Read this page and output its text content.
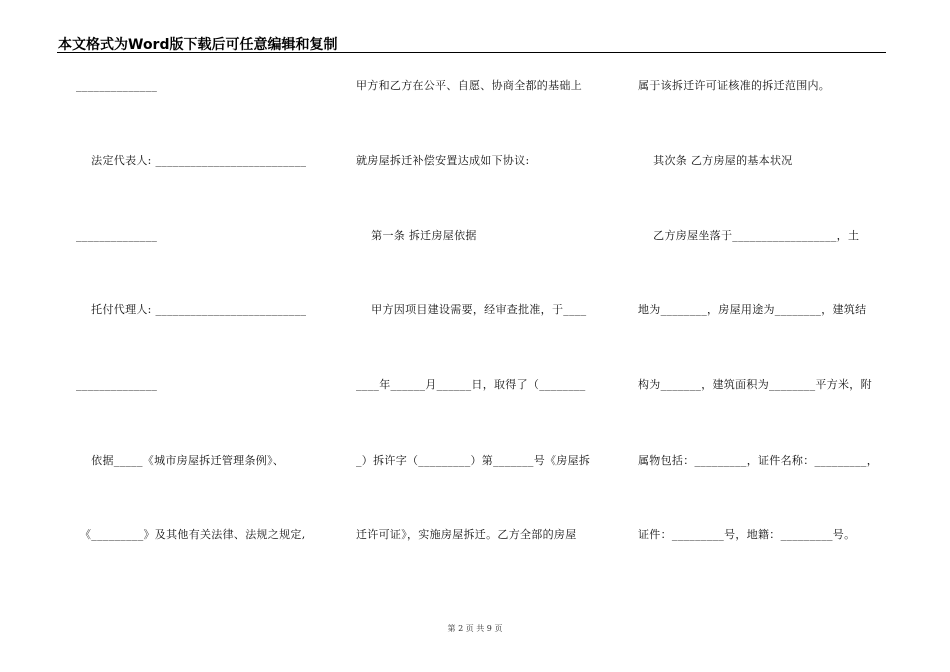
本文格式为Word版下载后可任意编辑和复制
______________
法定代表人: __________________________
______________
托付代理人: __________________________
______________
依据_____《城市房屋拆迁管理条例》、
《_________》及其他有关法律、法规之规定,
甲方和乙方在公平、自愿、协商全都的基础上
就房屋拆迁补偿安置达成如下协议:
第一条 拆迁房屋依据
甲方因项目建设需要，经审查批准，于____
____年______月______日，取得了（________
_）拆许字（_________）第_______号《房屋拆
迁许可证》，实施房屋拆迁。乙方全部的房屋
属于该拆迁许可证核准的拆迁范围内。
其次条 乙方房屋的基本状况
乙方房屋坐落于__________________，土
地为________，房屋用途为________，建筑结
构为_______，建筑面积为________平方米，附
属物包括：_________，证件名称：_________，
证件：_________号，地籍：_________号。
第 2 页 共 9 页
